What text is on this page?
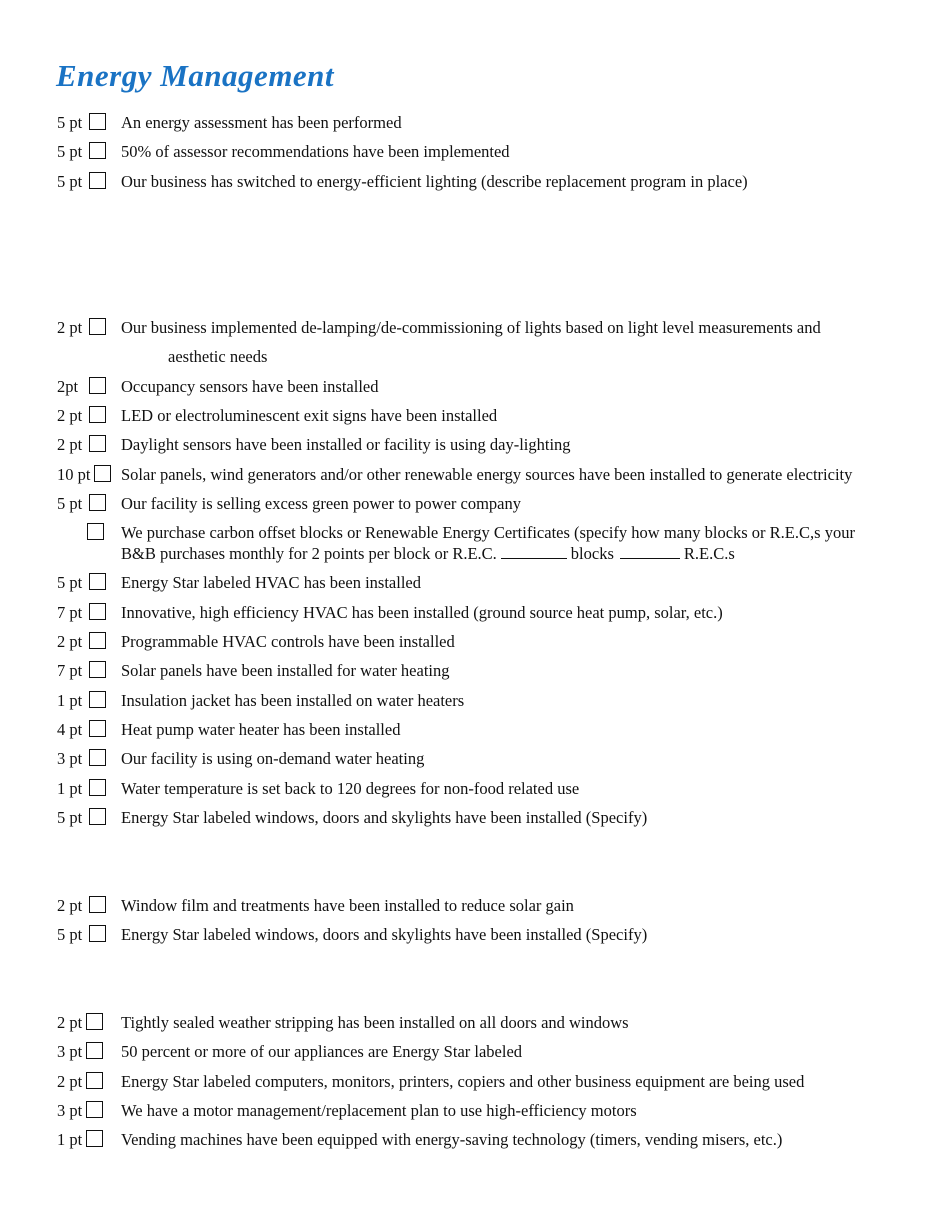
Energy Management
5 pt An energy assessment has been performed
5 pt 50% of assessor recommendations have been implemented
5 pt Our business has switched to energy-efficient lighting (describe replacement program in place)
2 pt Our business implemented de-lamping/de-commissioning of lights based on light level measurements and
aesthetic needs
2pt	Occupancy sensors have been installed
2 pt LED or electroluminescent exit signs have been installed
2 pt Daylight sensors have been installed or facility is using day-lighting
10 pt Solar panels, wind generators and/or other renewable energy sources have been installed to generate electricity
5 pt Our facility is selling excess green power to power company
We purchase carbon offset blocks or Renewable Energy Certificates (specify how many blocks or R.E.C,s your
B&B purchases monthly for 2 points per block or R.E.C.	blocks	R.E.C.s
5 pt Energy Star labeled HVAC has been installed
7 pt Innovative, high efficiency HVAC has been installed (ground source heat pump, solar, etc.)
2 pt Programmable HVAC controls have been installed
7 pt Solar panels have been installed for water heating
1 pt Insulation jacket has been installed on water heaters
4 pt Heat pump water heater has been installed
3 pt Our facility is using on-demand water heating
1 pt Water temperature is set back to 120 degrees for non-food related use
5 pt Energy Star labeled windows, doors and skylights have been installed (Specify)
2 pt Window film and treatments have been installed to reduce solar gain
5 pt Energy Star labeled windows, doors and skylights have been installed (Specify)
2 pt Tightly sealed weather stripping has been installed on all doors and windows
3 pt 50 percent or more of our appliances are Energy Star labeled
2 pt Energy Star labeled computers, monitors, printers, copiers and other business equipment are being used
3 pt We have a motor management/replacement plan to use high-efficiency motors
1 pt Vending machines have been equipped with energy-saving technology (timers, vending misers, etc.)
